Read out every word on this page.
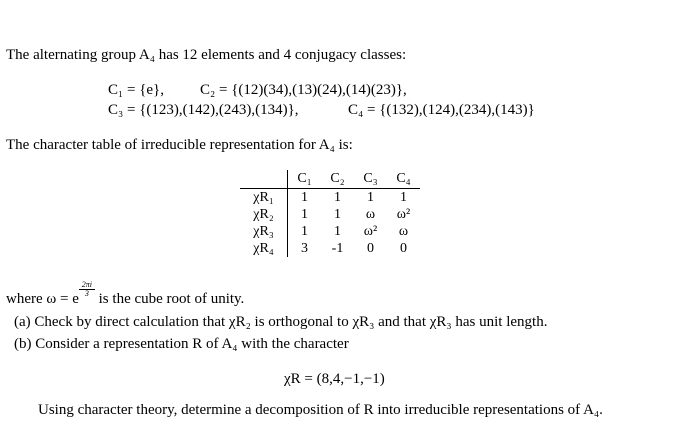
The alternating group A₄ has 12 elements and 4 conjugacy classes:
C₁ = {e}, C₂ = {(12)(34),(13)(24),(14)(23)},
C₃ = {(123),(142),(243),(134)},	C₄ = {(132),(124),(234),(143)}
The character table of irreducible representation for A₄ is:
	C₁	C₂	C₃	C₄
χR₁	1	1	1	1
χR₂	1	1	ω	ω²
χR₃	1	1	ω²	ω
χR₄	3	-1	0	0
where ω = e
$\frac{2\pi i}{3}$
is the cube root of unity.
(a) Check by direct calculation that χR₂ is orthogonal to χR₃ and that χR₃ has unit length.
(b) Consider a representation R of A₄ with the character
χR = (8,4,−1,−1)
Using character theory, determine a decomposition of R into irreducible representations of A₄.
